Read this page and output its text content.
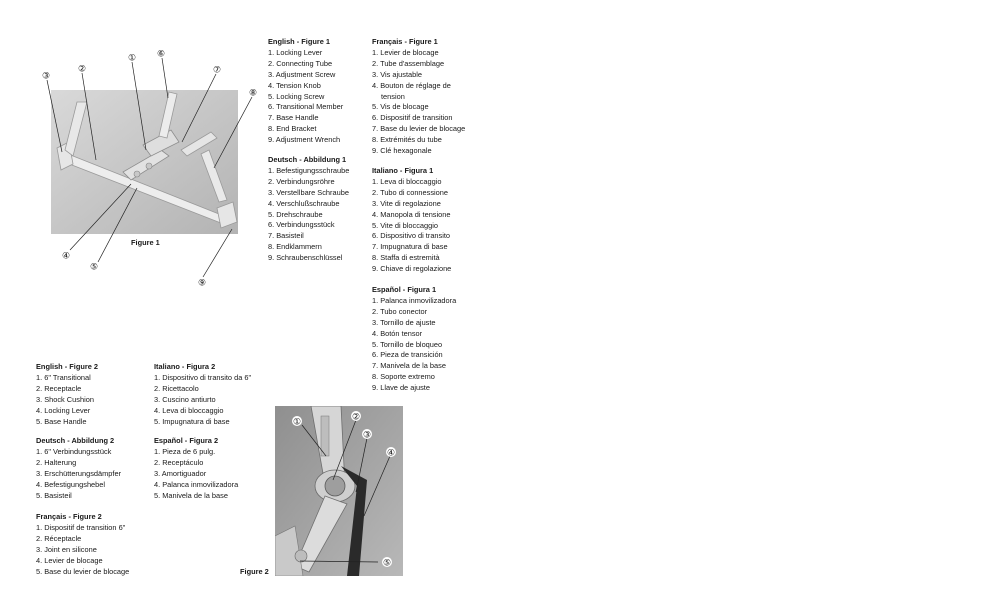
①
②
③
④
⑤
⑥
⑦
⑧
⑨
①	②
③
④
⑤
Figure 1
Figure 2
English - Figure 1
1. Locking Lever
2. Connecting Tube
3. Adjustment Screw
4. Tension Knob
5. Locking Screw
6. Transitional Member
7. Base Handle
8. End Bracket
9. Adjustment Wrench
Deutsch - Abbildung 1
1. Befestigungsschraube
2. Verbindungsröhre
3. Verstellbare Schraube
4. Verschlußschraube
5. Drehschraube
6. Verbindungsstück
7. Basisteil
8. Endklammern
9. Schraubenschlüssel
Français - Figure 1
1. Levier de blocage
2. Tube d'assemblage
3. Vis ajustable
4. Bouton de réglage de
tension
5. Vis de blocage
6. Dispositif de transition
7. Base du levier de blocage
8. Extrémités du tube
9. Clé hexagonale
Italiano - Figura 1
1. Leva di bloccaggio
2. Tubo di connessione
3. Vite di regolazione
4. Manopola di tensione
5. Vite di bloccaggio
6. Dispositivo di transito
7. Impugnatura di base
8. Staffa di estremità
9. Chiave di regolazione
Español - Figura 1
1. Palanca inmovilizadora
2. Tubo conector
3. Tornillo de ajuste
4. Botón tensor
5. Tornillo de bloqueo
6. Pieza de transición
7. Manivela de la base
8. Soporte extremo
9. Llave de ajuste
English - Figure 2
1. 6" Transitional
2. Receptacle
3. Shock Cushion
4. Locking Lever
5. Base Handle
Deutsch - Abbildung 2
1. 6" Verbindungsstück
2. Halterung
3. Erschütterungsdämpfer
4. Befestigungshebel
5. Basisteil
Français - Figure 2
1. Dispositif de transition 6"
2. Réceptacle
3. Joint en silicone
4. Levier de blocage
5. Base du levier de blocage
Italiano - Figura 2
1. Dispositivo di transito da 6"
2. Ricettacolo
3. Cuscino antiurto
4. Leva di bloccaggio
5. Impugnatura di base
Español - Figura 2
1. Pieza de 6 pulg.
2. Receptáculo
3. Amortiguador
4. Palanca inmovilizadora
5. Manivela de la base
